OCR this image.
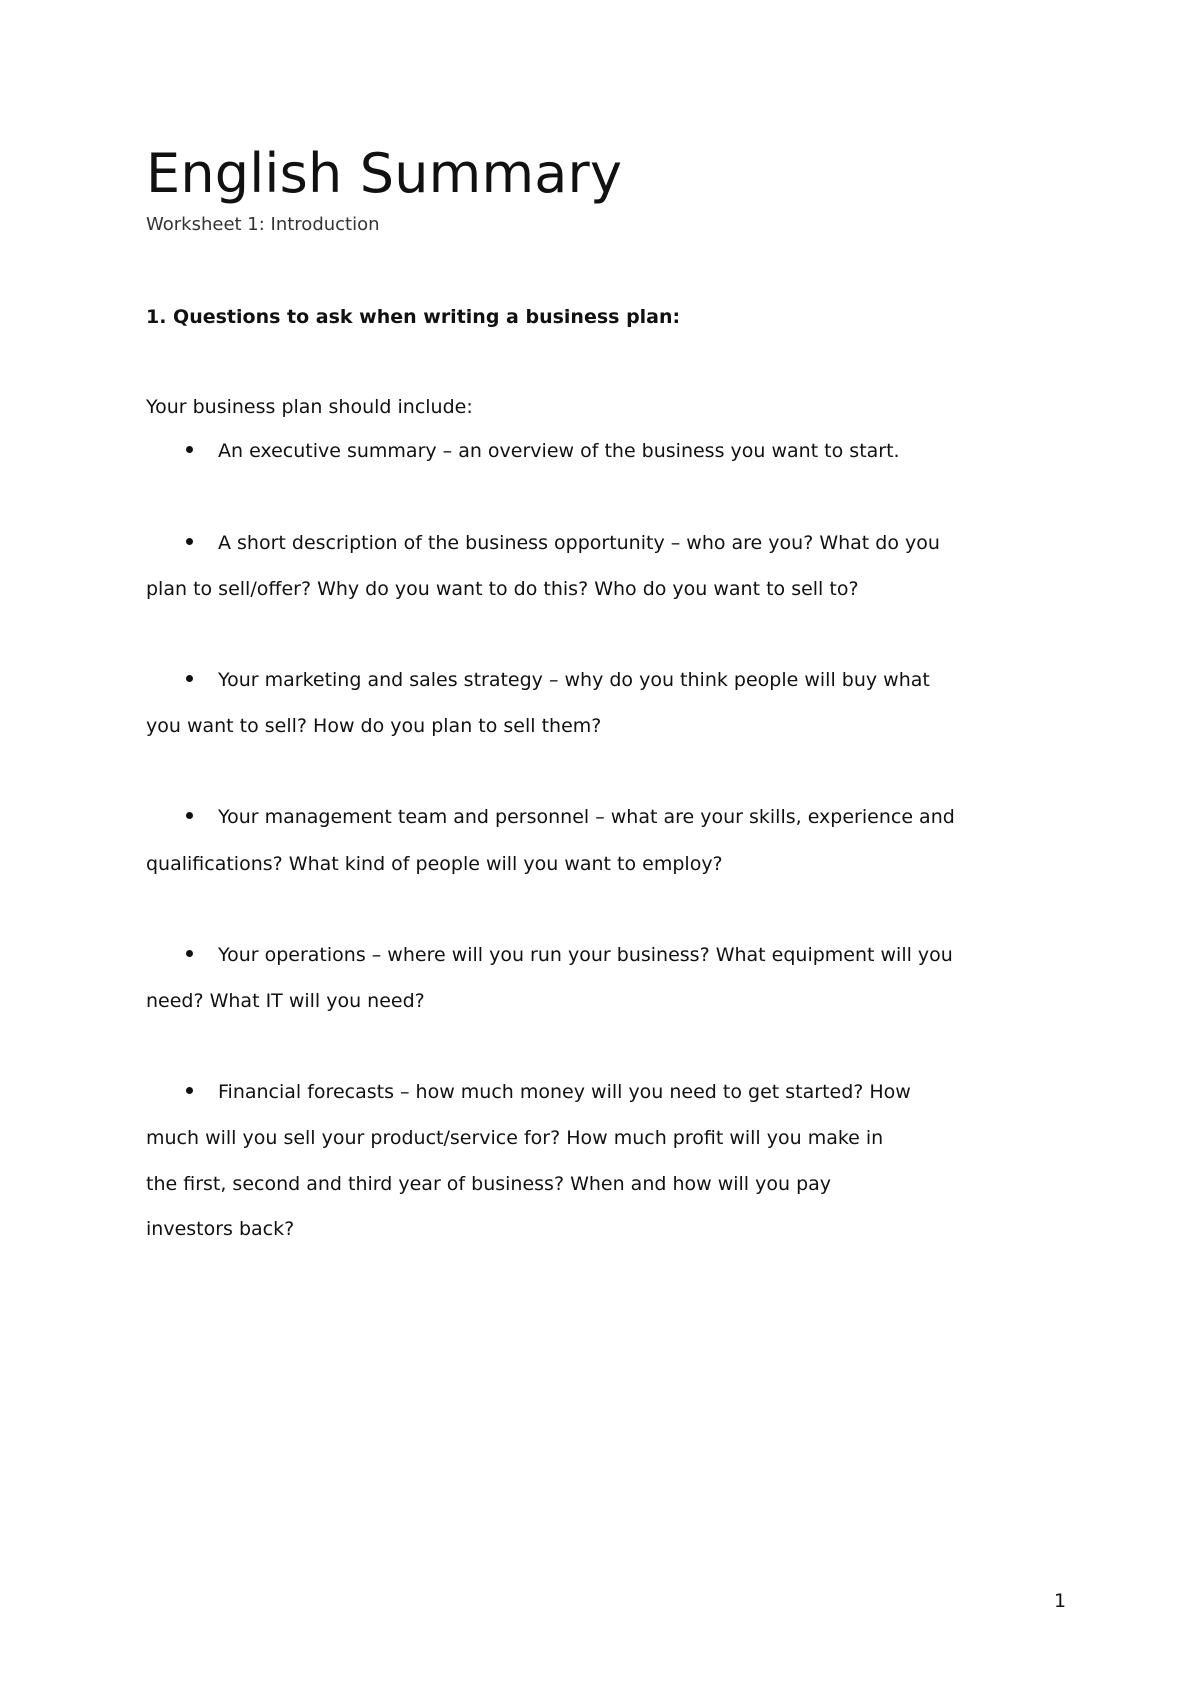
English Summary
Worksheet 1: Introduction
1. Questions to ask when writing a business plan:
Your business plan should include:
An executive summary – an overview of the business you want to start.
A short description of the business opportunity – who are you? What do you
plan to sell/offer? Why do you want to do this? Who do you want to sell to?
Your marketing and sales strategy – why do you think people will buy what
you want to sell? How do you plan to sell them?
Your management team and personnel – what are your skills, experience and
qualifications? What kind of people will you want to employ?
Your operations – where will you run your business? What equipment will you
need? What IT will you need?
Financial forecasts – how much money will you need to get started? How
much will you sell your product/service for? How much profit will you make in
the first, second and third year of business? When and how will you pay
investors back?
1
